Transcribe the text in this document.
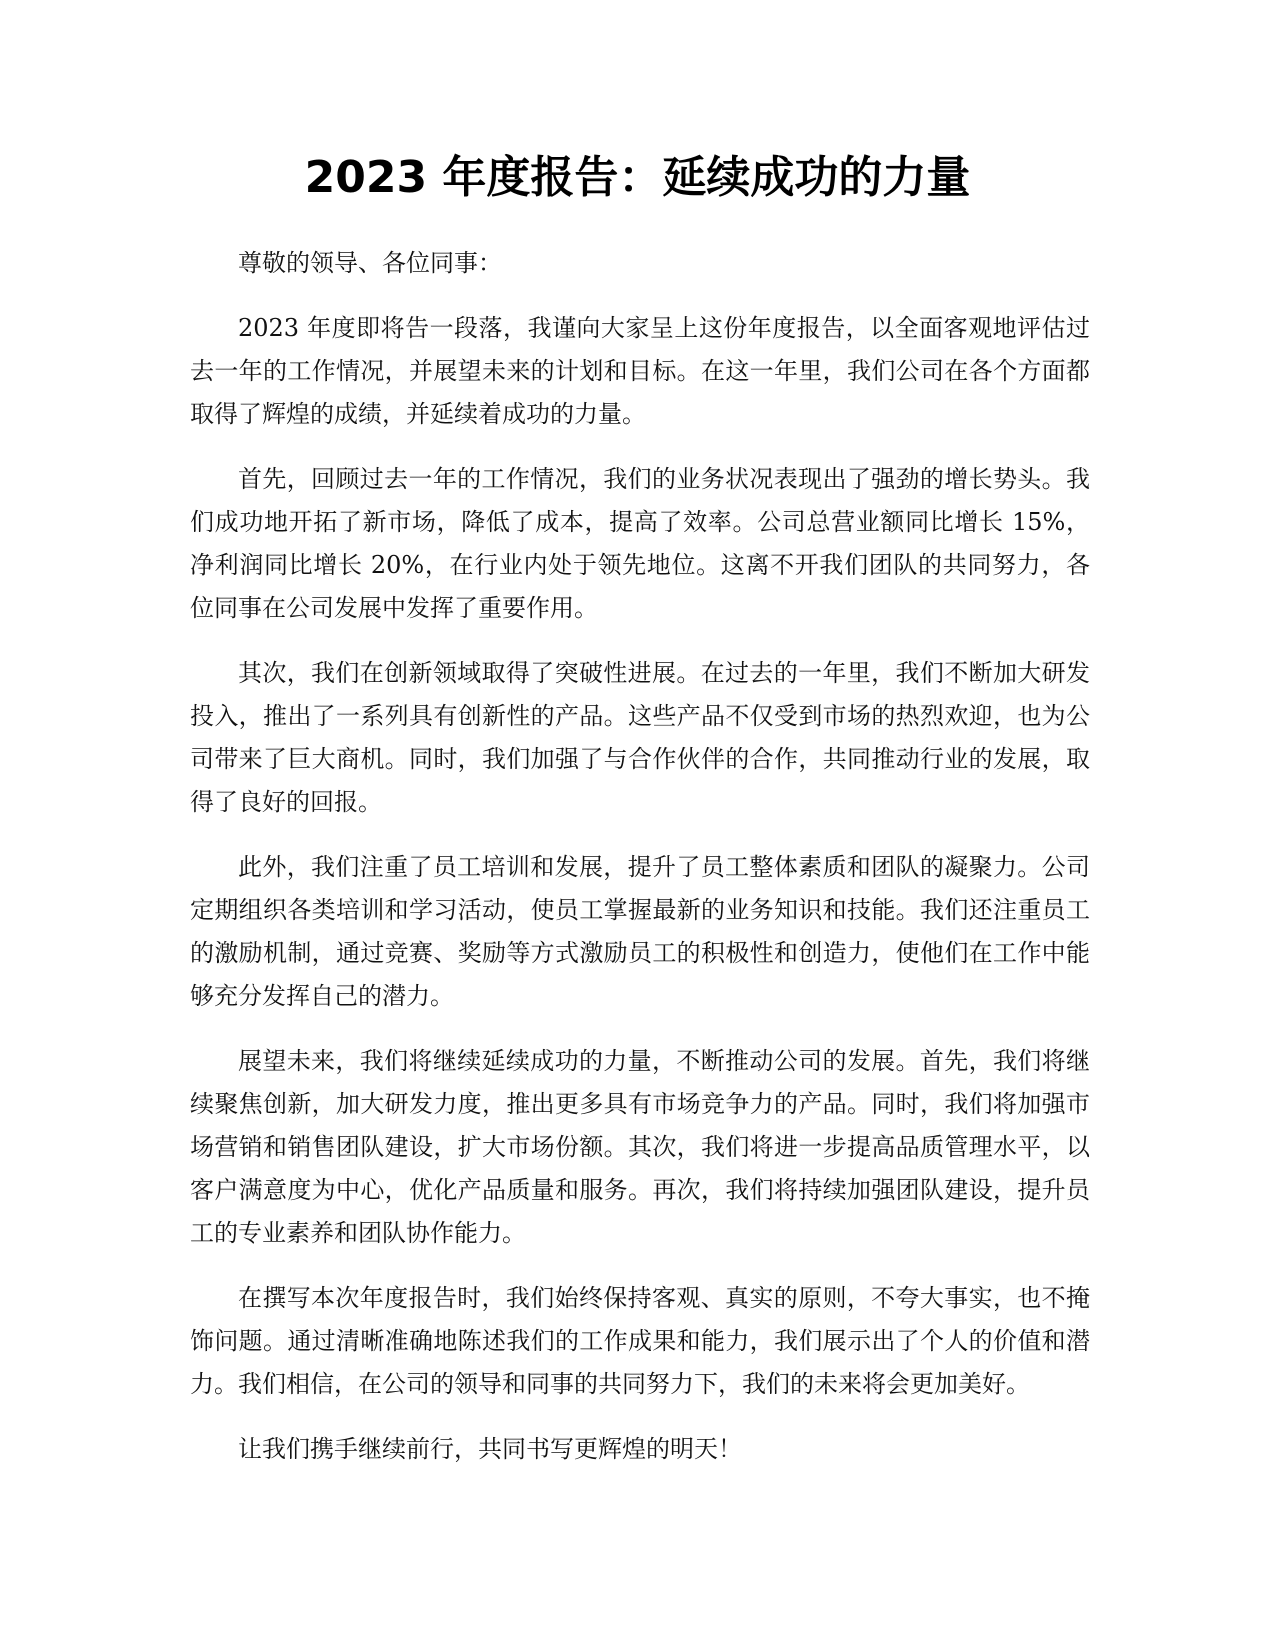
2023 年度报告：延续成功的力量

尊敬的领导、各位同事：

2023 年度即将告一段落，我谨向大家呈上这份年度报告，以全面客观地评估过去一年的工作情况，并展望未来的计划和目标。在这一年里，我们公司在各个方面都取得了辉煌的成绩，并延续着成功的力量。

首先，回顾过去一年的工作情况，我们的业务状况表现出了强劲的增长势头。我们成功地开拓了新市场，降低了成本，提高了效率。公司总营业额同比增长 15%，净利润同比增长 20%，在行业内处于领先地位。这离不开我们团队的共同努力，各位同事在公司发展中发挥了重要作用。

其次，我们在创新领域取得了突破性进展。在过去的一年里，我们不断加大研发投入，推出了一系列具有创新性的产品。这些产品不仅受到市场的热烈欢迎，也为公司带来了巨大商机。同时，我们加强了与合作伙伴的合作，共同推动行业的发展，取得了良好的回报。

此外，我们注重了员工培训和发展，提升了员工整体素质和团队的凝聚力。公司定期组织各类培训和学习活动，使员工掌握最新的业务知识和技能。我们还注重员工的激励机制，通过竞赛、奖励等方式激励员工的积极性和创造力，使他们在工作中能够充分发挥自己的潜力。

展望未来，我们将继续延续成功的力量，不断推动公司的发展。首先，我们将继续聚焦创新，加大研发力度，推出更多具有市场竞争力的产品。同时，我们将加强市场营销和销售团队建设，扩大市场份额。其次，我们将进一步提高品质管理水平，以客户满意度为中心，优化产品质量和服务。再次，我们将持续加强团队建设，提升员工的专业素养和团队协作能力。

在撰写本次年度报告时，我们始终保持客观、真实的原则，不夸大事实，也不掩饰问题。通过清晰准确地陈述我们的工作成果和能力，我们展示出了个人的价值和潜力。我们相信，在公司的领导和同事的共同努力下，我们的未来将会更加美好。

让我们携手继续前行，共同书写更辉煌的明天！
